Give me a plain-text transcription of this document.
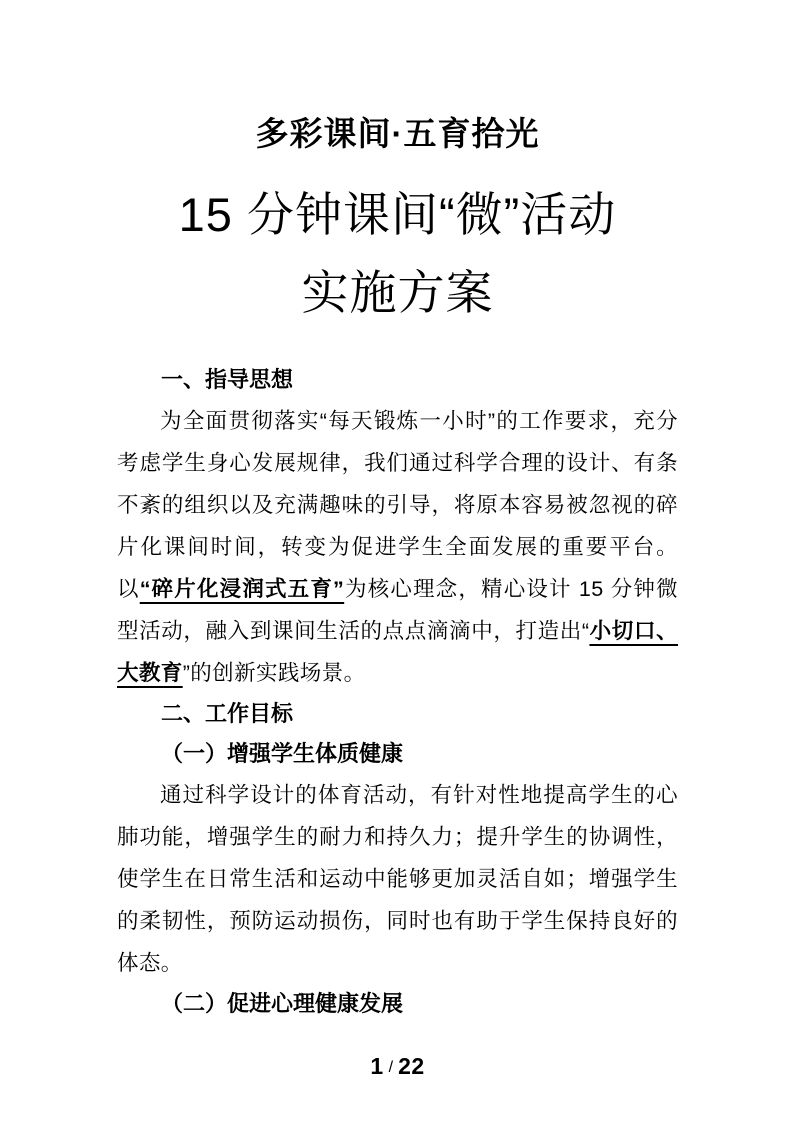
多彩课间·五育拾光
15 分钟课间“微”活动
实施方案
一、指导思想

为全面贯彻落实“每天锻炼一小时”的工作要求，充分考虑学生身心发展规律，我们通过科学合理的设计、有条不紊的组织以及充满趣味的引导，将原本容易被忽视的碎片化课间时间，转变为促进学生全面发展的重要平台。以“碎片化浸润式五育”为核心理念，精心设计 15 分钟微型活动，融入到课间生活的点点滴滴中，打造出“小切口、大教育”的创新实践场景。

二、工作目标
（一）增强学生体质健康

通过科学设计的体育活动，有针对性地提高学生的心肺功能，增强学生的耐力和持久力；提升学生的协调性，使学生在日常生活和运动中能够更加灵活自如；增强学生的柔韧性，预防运动损伤，同时也有助于学生保持良好的体态。

（二）促进心理健康发展
1 / 22
